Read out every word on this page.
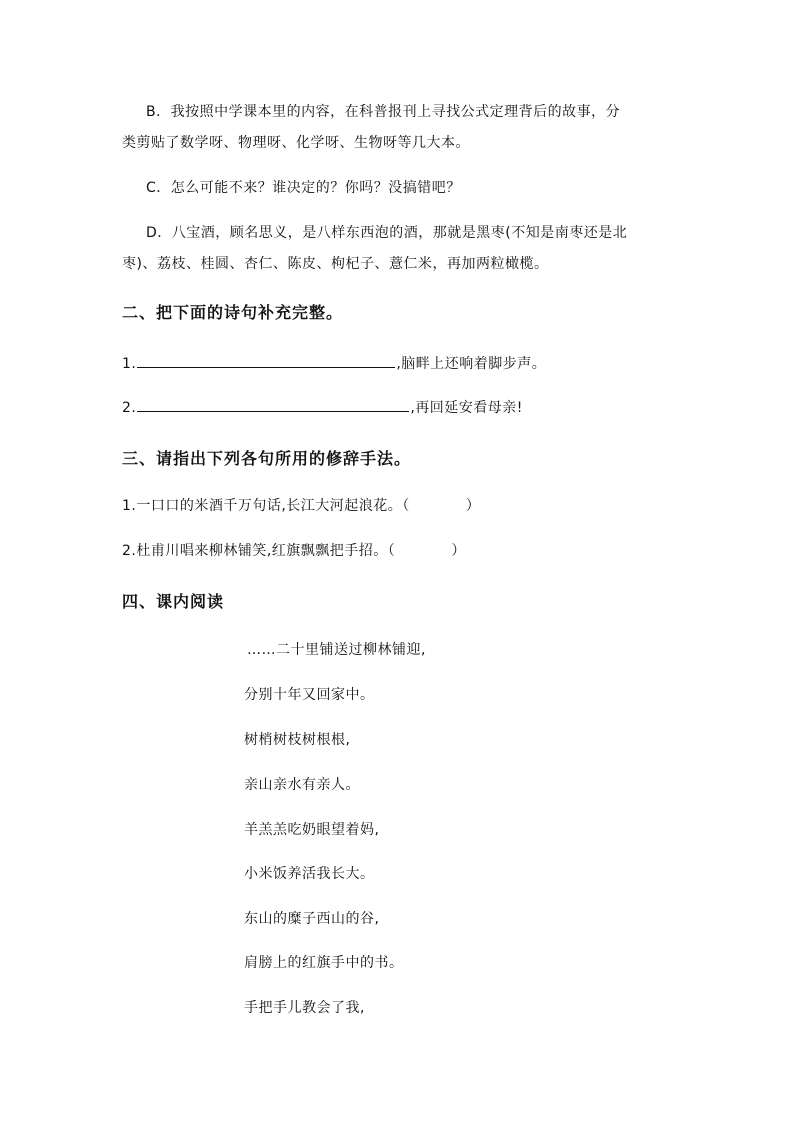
B．我按照中学课本里的内容，在科普报刊上寻找公式定理背后的故事，分
类剪贴了数学呀、物理呀、化学呀、生物呀等几大本。
C．怎么可能不来？谁决定的？你吗？没搞错吧？
D．八宝酒，顾名思义，是八样东西泡的酒，那就是黑枣(不知是南枣还是北
枣)、荔枝、桂圆、杏仁、陈皮、枸杞子、薏仁米，再加两粒橄榄。
二、把下面的诗句补充完整。
1.	,脑畔上还响着脚步声。
2.	,再回延安看母亲!
三、请指出下列各句所用的修辞手法。
1.一口口的米酒千万句话,长江大河起浪花。（	）
2.杜甫川唱来柳林铺笑,红旗飘飘把手招。（	）
四、课内阅读
……二十里铺送过柳林铺迎,
分别十年又回家中。
树梢树枝树根根,
亲山亲水有亲人。
羊羔羔吃奶眼望着妈,
小米饭养活我长大。
东山的糜子西山的谷,
肩膀上的红旗手中的书。
手把手儿教会了我,
